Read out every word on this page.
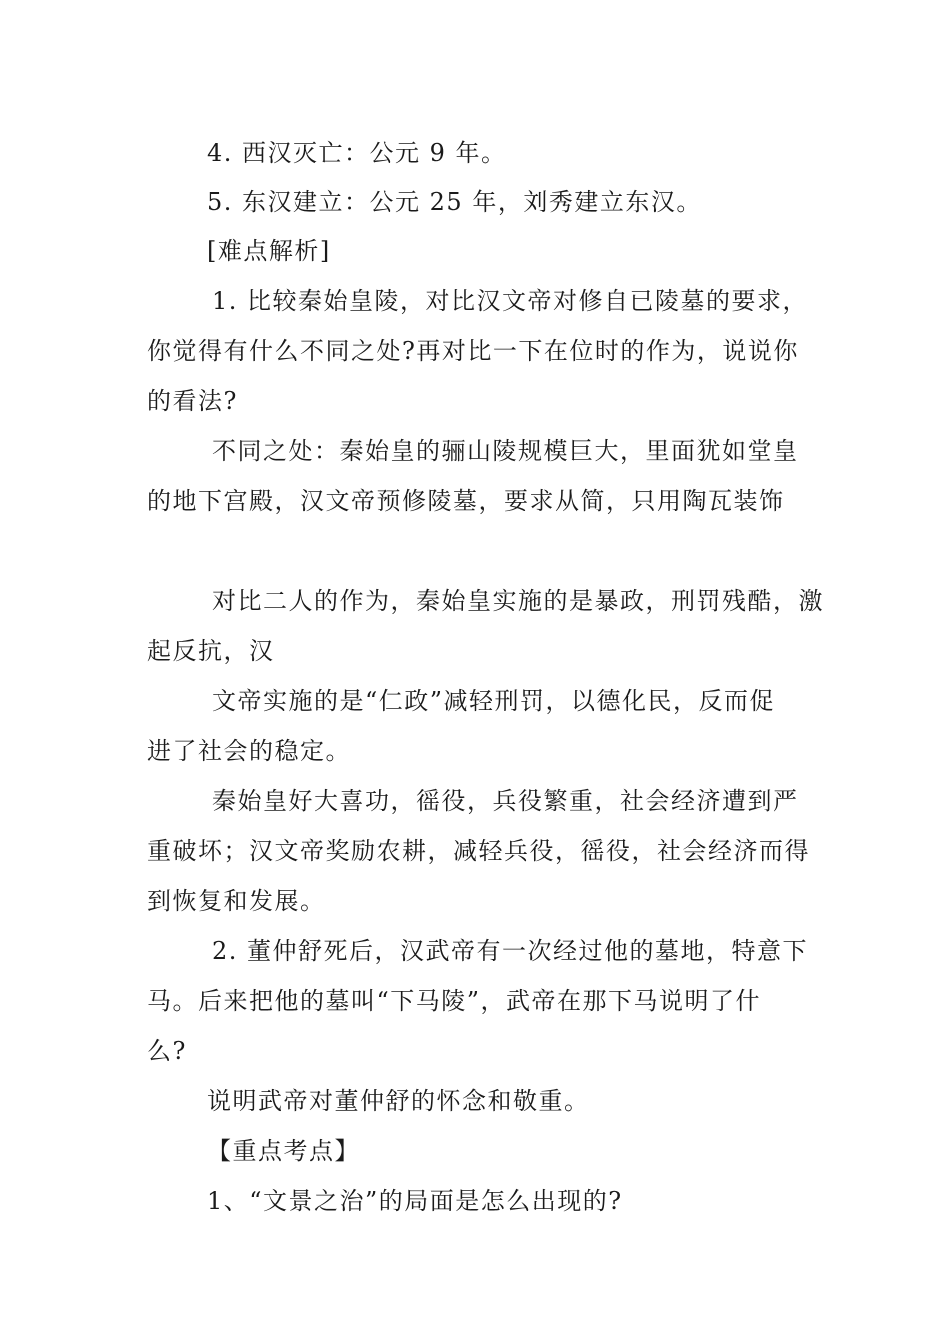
4. 西汉灭亡：公元 9 年。
5. 东汉建立：公元 25 年，刘秀建立东汉。
[难点解析]
1. 比较秦始皇陵，对比汉文帝对修自已陵墓的要求，
你觉得有什么不同之处?再对比一下在位时的作为，说说你
的看法?
不同之处：秦始皇的骊山陵规模巨大，里面犹如堂皇
的地下宫殿，汉文帝预修陵墓，要求从简，只用陶瓦装饰
对比二人的作为，秦始皇实施的是暴政，刑罚残酷，激
起反抗，汉
文帝实施的是“仁政”减轻刑罚，以德化民，反而促
进了社会的稳定。
秦始皇好大喜功，徭役，兵役繁重，社会经济遭到严
重破坏；汉文帝奖励农耕，减轻兵役，徭役，社会经济而得
到恢复和发展。
2. 董仲舒死后，汉武帝有一次经过他的墓地，特意下
马。后来把他的墓叫“下马陵”，武帝在那下马说明了什
么?
说明武帝对董仲舒的怀念和敬重。
【重点考点】
1、“文景之治”的局面是怎么出现的?
